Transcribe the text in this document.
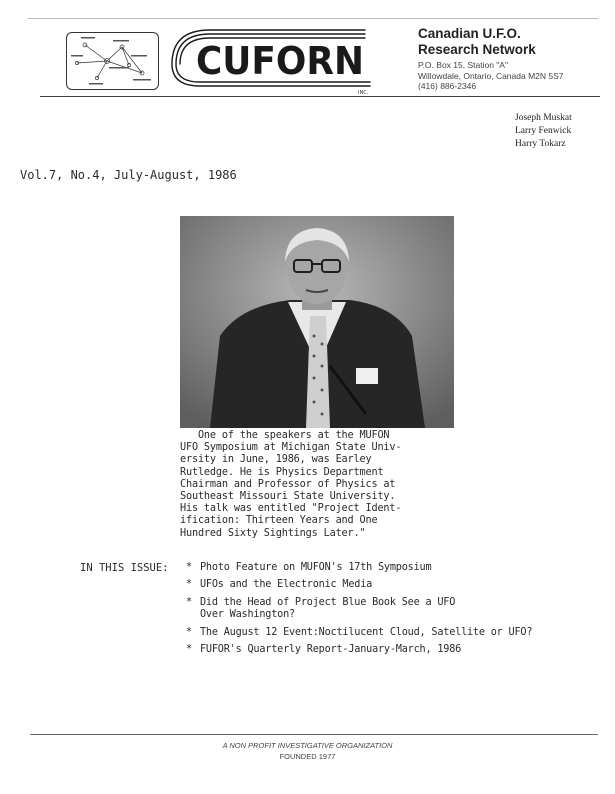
CUFORN
INC.
Canadian U.F.O.
Research Network
P.O. Box 15, Station "A"
Willowdale, Ontario, Canada M2N 5S7
(416) 886-2346
Joseph Muskat
Larry Fenwick
Harry Tokarz
Vol.7, No.4, July-August, 1986
One of the speakers at the MUFON
UFO Symposium at Michigan State Univ-
ersity in June, 1986, was Earley
Rutledge. He is Physics Department
Chairman and Professor of Physics at
Southeast Missouri State University.
His talk was entitled "Project Ident-
ification: Thirteen Years and One
Hundred Sixty Sightings Later."
IN THIS ISSUE: * Photo Feature on MUFON's 17th Symposium
* UFOs and the Electronic Media
* Did the Head of Project Blue Book See a UFO
Over Washington?
* The August 12 Event:Noctilucent Cloud, Satellite or UFO?
* FUFOR's Quarterly Report-January-March, 1986
A NON PROFIT INVESTIGATIVE ORGANIZATION
FOUNDED 1977
